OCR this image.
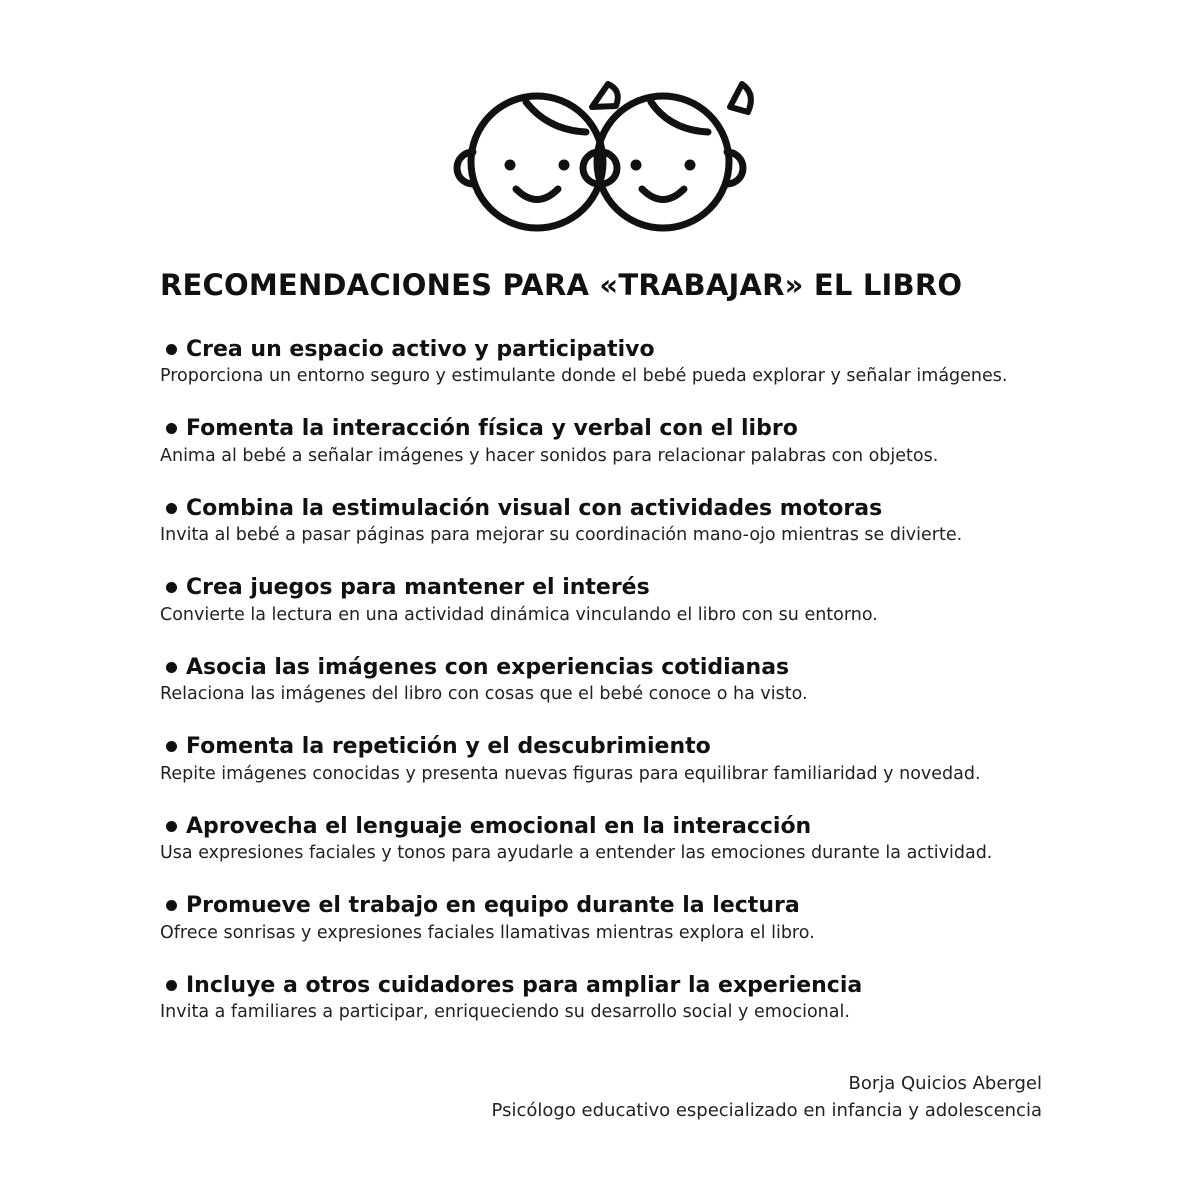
RECOMENDACIONES PARA «TRABAJAR» EL LIBRO
Crea un espacio activo y participativo
Proporciona un entorno seguro y estimulante donde el bebé pueda explorar y señalar imágenes.
Fomenta la interacción física y verbal con el libro
Anima al bebé a señalar imágenes y hacer sonidos para relacionar palabras con objetos.
Combina la estimulación visual con actividades motoras
Invita al bebé a pasar páginas para mejorar su coordinación mano-ojo mientras se divierte.
Crea juegos para mantener el interés
Convierte la lectura en una actividad dinámica vinculando el libro con su entorno.
Asocia las imágenes con experiencias cotidianas
Relaciona las imágenes del libro con cosas que el bebé conoce o ha visto.
Fomenta la repetición y el descubrimiento
Repite imágenes conocidas y presenta nuevas figuras para equilibrar familiaridad y novedad.
Aprovecha el lenguaje emocional en la interacción
Usa expresiones faciales y tonos para ayudarle a entender las emociones durante la actividad.
Promueve el trabajo en equipo durante la lectura
Ofrece sonrisas y expresiones faciales llamativas mientras explora el libro.
Incluye a otros cuidadores para ampliar la experiencia
Invita a familiares a participar, enriqueciendo su desarrollo social y emocional.
Borja Quicios Abergel
Psicólogo educativo especializado en infancia y adolescencia
